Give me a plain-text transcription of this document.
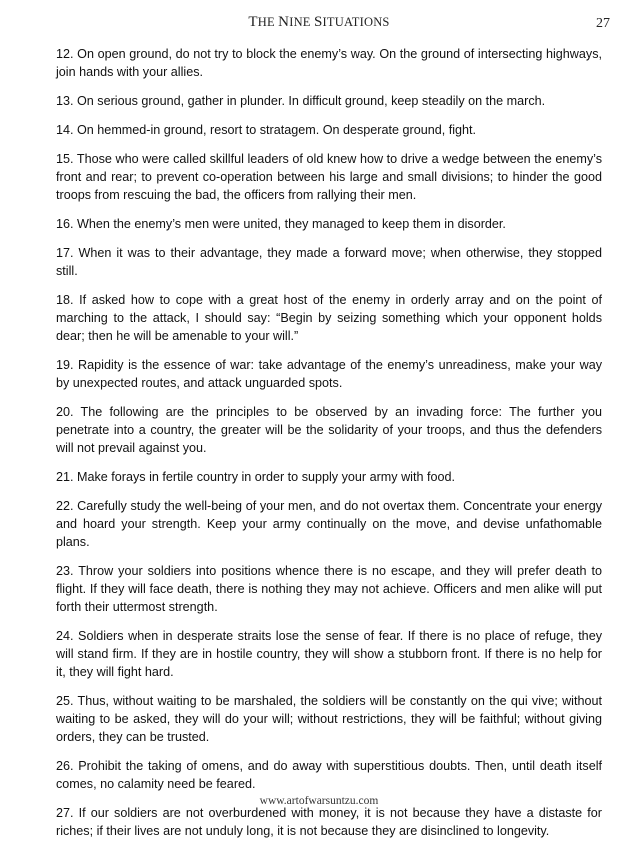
THE NINE SITUATIONS	27

12. On open ground, do not try to block the enemy’s way. On the ground of intersecting highways, join hands with your allies.

13. On serious ground, gather in plunder. In difficult ground, keep steadily on the march.

14. On hemmed-in ground, resort to stratagem. On desperate ground, fight.

15. Those who were called skillful leaders of old knew how to drive a wedge between the enemy’s front and rear; to prevent co-operation between his large and small divisions; to hinder the good troops from rescuing the bad, the officers from rallying their men.

16. When the enemy’s men were united, they managed to keep them in disorder.

17. When it was to their advantage, they made a forward move; when otherwise, they stopped still.

18. If asked how to cope with a great host of the enemy in orderly array and on the point of marching to the attack, I should say: “Begin by seizing something which your opponent holds dear; then he will be amenable to your will.”

19. Rapidity is the essence of war: take advantage of the enemy’s unreadiness, make your way by unexpected routes, and attack unguarded spots.

20. The following are the principles to be observed by an invading force: The further you penetrate into a country, the greater will be the solidarity of your troops, and thus the defenders will not prevail against you.

21. Make forays in fertile country in order to supply your army with food.

22. Carefully study the well-being of your men, and do not overtax them. Concentrate your energy and hoard your strength. Keep your army continually on the move, and devise unfathomable plans.

23. Throw your soldiers into positions whence there is no escape, and they will prefer death to flight. If they will face death, there is nothing they may not achieve. Officers and men alike will put forth their uttermost strength.

24. Soldiers when in desperate straits lose the sense of fear. If there is no place of refuge, they will stand firm. If they are in hostile country, they will show a stubborn front. If there is no help for it, they will fight hard.

25. Thus, without waiting to be marshaled, the soldiers will be constantly on the qui vive; without waiting to be asked, they will do your will; without restrictions, they will be faithful; without giving orders, they can be trusted.

26. Prohibit the taking of omens, and do away with superstitious doubts. Then, until death itself comes, no calamity need be feared.

27. If our soldiers are not overburdened with money, it is not because they have a distaste for riches; if their lives are not unduly long, it is not because they are disinclined to longevity.

www.artofwarsuntzu.com
